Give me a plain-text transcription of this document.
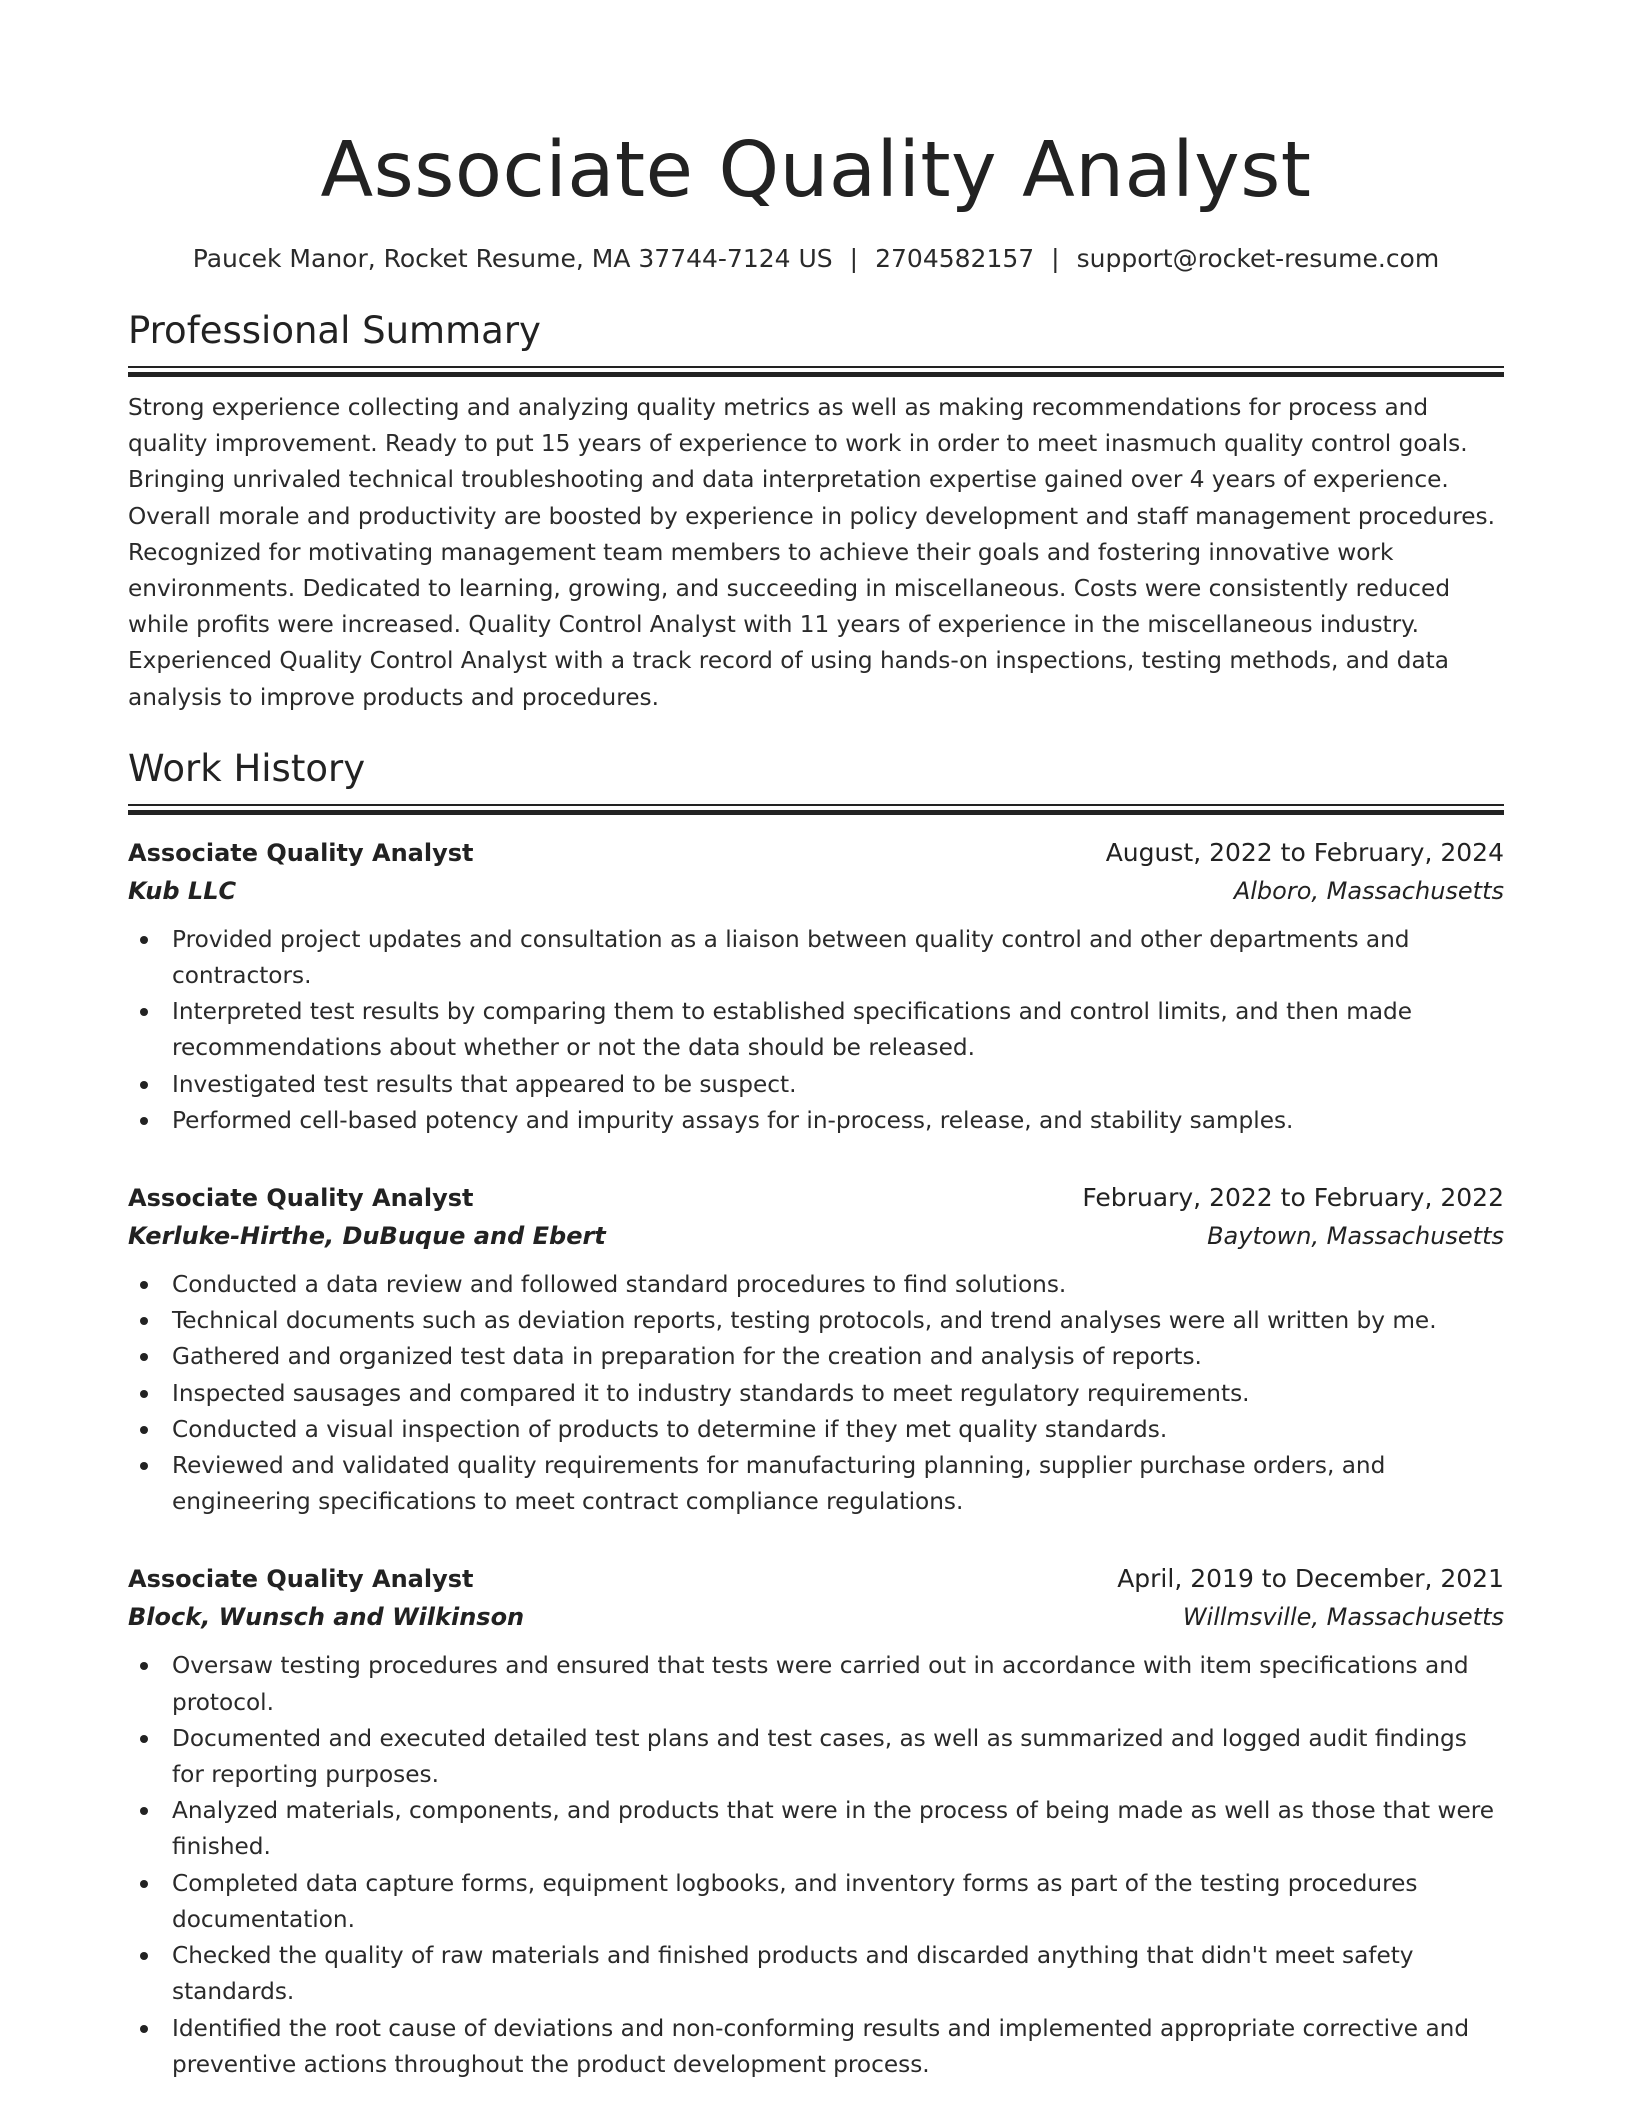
Associate Quality Analyst
Paucek Manor, Rocket Resume, MA 37744-7124 US | 2704582157 | support@rocket-resume.com
Professional Summary

Strong experience collecting and analyzing quality metrics as well as making recommendations for process and quality improvement. Ready to put 15 years of experience to work in order to meet inasmuch quality control goals. Bringing unrivaled technical troubleshooting and data interpretation expertise gained over 4 years of experience. Overall morale and productivity are boosted by experience in policy development and staff management procedures. Recognized for motivating management team members to achieve their goals and fostering innovative work environments. Dedicated to learning, growing, and succeeding in miscellaneous. Costs were consistently reduced while profits were increased. Quality Control Analyst with 11 years of experience in the miscellaneous industry. Experienced Quality Control Analyst with a track record of using hands-on inspections, testing methods, and data analysis to improve products and procedures.

Work History
Associate Quality Analyst	August, 2022 to February, 2024
Kub LLC	Alboro, Massachusetts
Provided project updates and consultation as a liaison between quality control and other departments and contractors.
Interpreted test results by comparing them to established specifications and control limits, and then made recommendations about whether or not the data should be released.
Investigated test results that appeared to be suspect.
Performed cell-based potency and impurity assays for in-process, release, and stability samples.
Associate Quality Analyst	February, 2022 to February, 2022
Kerluke-Hirthe, DuBuque and Ebert	Baytown, Massachusetts
Conducted a data review and followed standard procedures to find solutions.
Technical documents such as deviation reports, testing protocols, and trend analyses were all written by me.
Gathered and organized test data in preparation for the creation and analysis of reports.
Inspected sausages and compared it to industry standards to meet regulatory requirements.
Conducted a visual inspection of products to determine if they met quality standards.
Reviewed and validated quality requirements for manufacturing planning, supplier purchase orders, and engineering specifications to meet contract compliance regulations.
Associate Quality Analyst	April, 2019 to December, 2021
Block, Wunsch and Wilkinson	Willmsville, Massachusetts
Oversaw testing procedures and ensured that tests were carried out in accordance with item specifications and protocol.
Documented and executed detailed test plans and test cases, as well as summarized and logged audit findings for reporting purposes.
Analyzed materials, components, and products that were in the process of being made as well as those that were finished.
Completed data capture forms, equipment logbooks, and inventory forms as part of the testing procedures documentation.
Checked the quality of raw materials and finished products and discarded anything that didn't meet safety standards.
Identified the root cause of deviations and non-conforming results and implemented appropriate corrective and preventive actions throughout the product development process.
